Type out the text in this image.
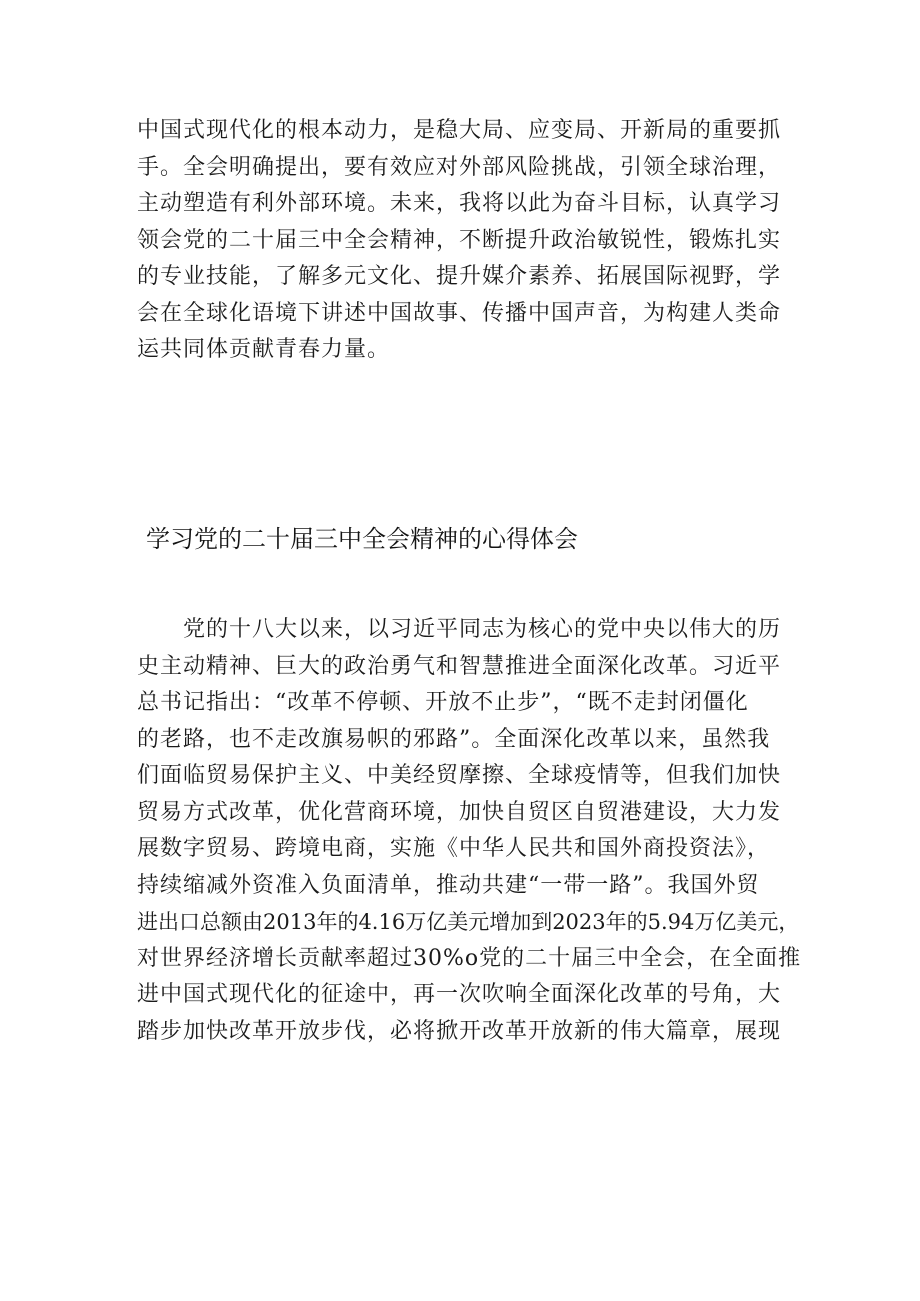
中国式现代化的根本动力，是稳大局、应变局、开新局的重要抓
手。全会明确提出，要有效应对外部风险挑战，引领全球治理，
主动塑造有利外部环境。未来，我将以此为奋斗目标，认真学习
领会党的二十届三中全会精神，不断提升政治敏锐性，锻炼扎实
的专业技能，了解多元文化、提升媒介素养、拓展国际视野，学
会在全球化语境下讲述中国故事、传播中国声音，为构建人类命
运共同体贡献青春力量。
学习党的二十届三中全会精神的心得体会
党的十八大以来，以习近平同志为核心的党中央以伟大的历
史主动精神、巨大的政治勇气和智慧推进全面深化改革。习近平
总书记指出：“改革不停顿、开放不止步”，“既不走封闭僵化
的老路，也不走改旗易帜的邪路”。全面深化改革以来，虽然我
们面临贸易保护主义、中美经贸摩擦、全球疫情等，但我们加快
贸易方式改革，优化营商环境，加快自贸区自贸港建设，大力发
展数字贸易、跨境电商，实施《中华人民共和国外商投资法》，
持续缩减外资准入负面清单，推动共建“一带一路”。我国外贸
进出口总额由2013年的4.16万亿美元增加到2023年的5.94万亿美元，
对世界经济增长贡献率超过30%o党的二十届三中全会，在全面推
进中国式现代化的征途中，再一次吹响全面深化改革的号角，大
踏步加快改革开放步伐，必将掀开改革开放新的伟大篇章，展现
